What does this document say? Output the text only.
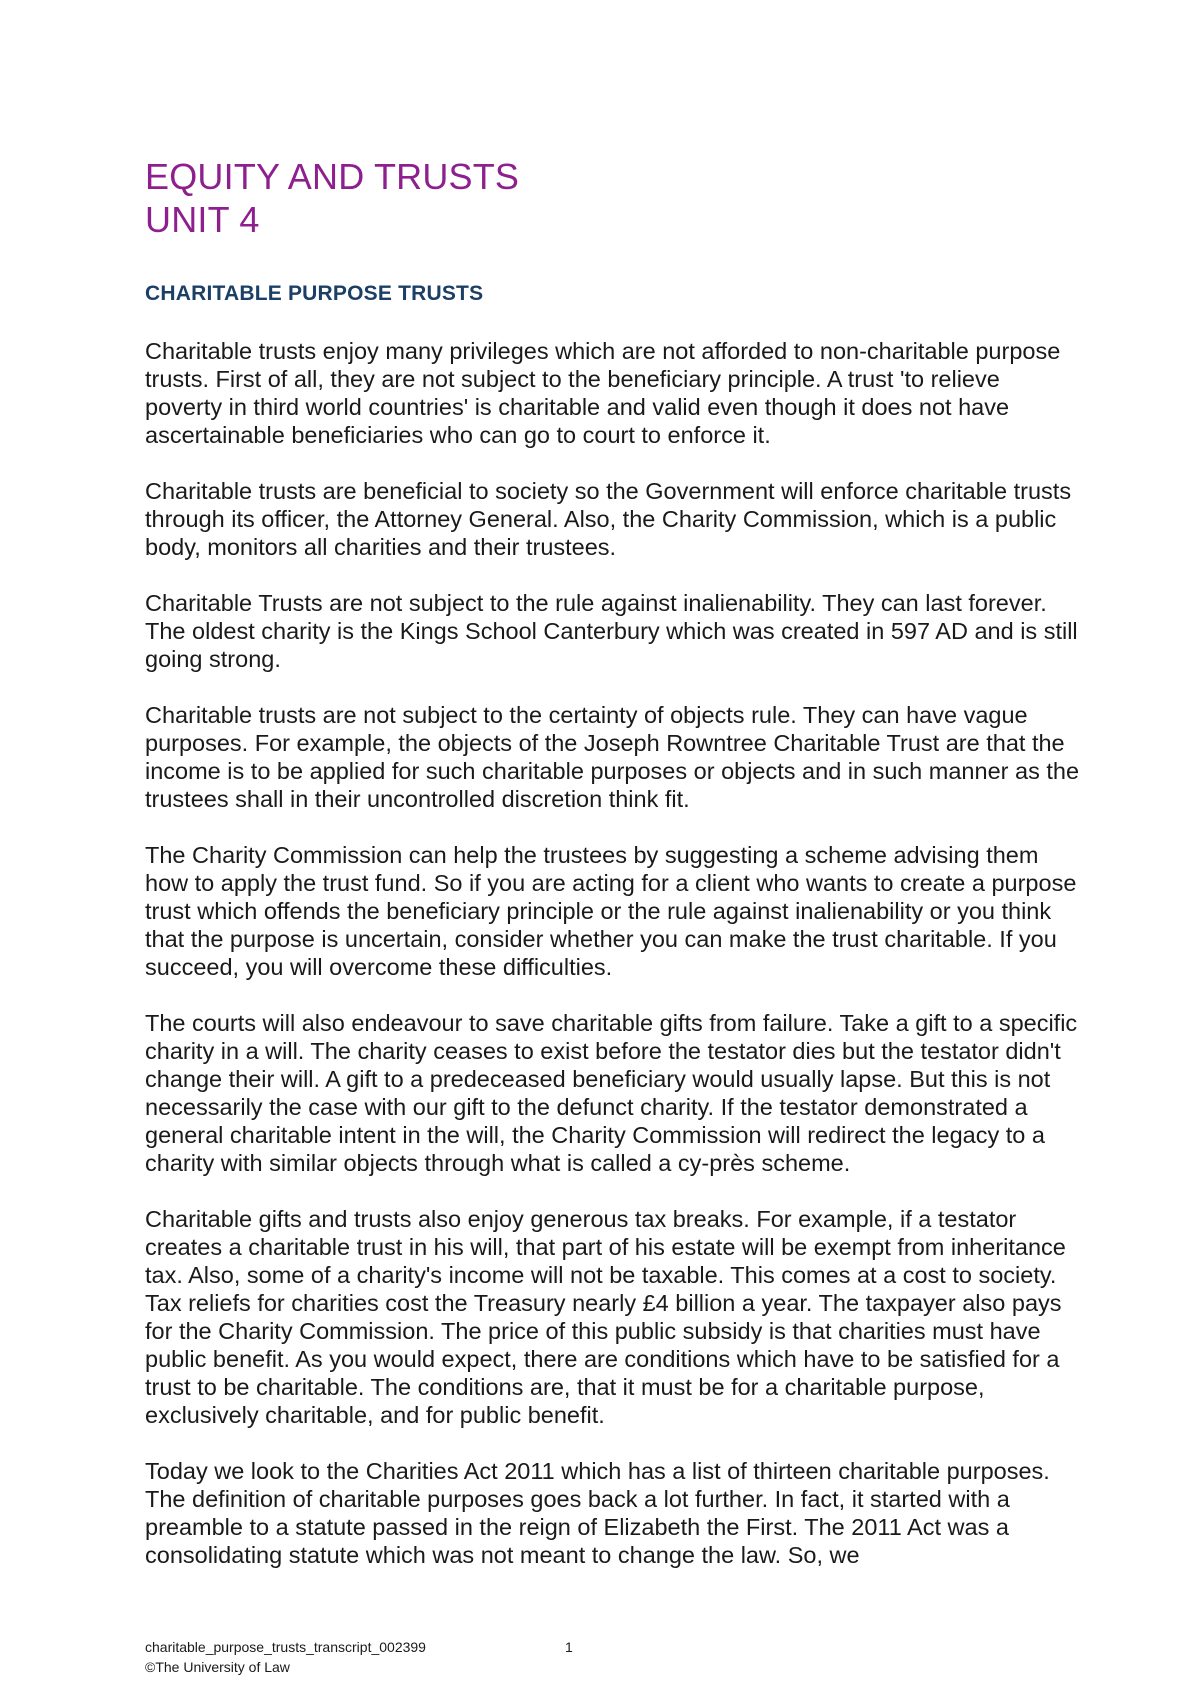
EQUITY AND TRUSTS
UNIT 4
CHARITABLE PURPOSE TRUSTS

Charitable trusts enjoy many privileges which are not afforded to non-charitable purpose trusts. First of all, they are not subject to the beneficiary principle. A trust 'to relieve poverty in third world countries' is charitable and valid even though it does not have ascertainable beneficiaries who can go to court to enforce it.

Charitable trusts are beneficial to society so the Government will enforce charitable trusts through its officer, the Attorney General. Also, the Charity Commission, which is a public body, monitors all charities and their trustees.

Charitable Trusts are not subject to the rule against inalienability. They can last forever. The oldest charity is the Kings School Canterbury which was created in 597 AD and is still going strong.

Charitable trusts are not subject to the certainty of objects rule. They can have vague purposes. For example, the objects of the Joseph Rowntree Charitable Trust are that the income is to be applied for such charitable purposes or objects and in such manner as the trustees shall in their uncontrolled discretion think fit.

The Charity Commission can help the trustees by suggesting a scheme advising them how to apply the trust fund. So if you are acting for a client who wants to create a purpose trust which offends the beneficiary principle or the rule against inalienability or you think that the purpose is uncertain, consider whether you can make the trust charitable. If you succeed, you will overcome these difficulties.

The courts will also endeavour to save charitable gifts from failure. Take a gift to a specific charity in a will. The charity ceases to exist before the testator dies but the testator didn't change their will. A gift to a predeceased beneficiary would usually lapse. But this is not necessarily the case with our gift to the defunct charity. If the testator demonstrated a general charitable intent in the will, the Charity Commission will redirect the legacy to a charity with similar objects through what is called a cy-près scheme.

Charitable gifts and trusts also enjoy generous tax breaks. For example, if a testator creates a charitable trust in his will, that part of his estate will be exempt from inheritance tax. Also, some of a charity's income will not be taxable. This comes at a cost to society. Tax reliefs for charities cost the Treasury nearly £4 billion a year. The taxpayer also pays for the Charity Commission. The price of this public subsidy is that charities must have public benefit. As you would expect, there are conditions which have to be satisfied for a trust to be charitable. The conditions are, that it must be for a charitable purpose, exclusively charitable, and for public benefit.

Today we look to the Charities Act 2011 which has a list of thirteen charitable purposes. The definition of charitable purposes goes back a lot further. In fact, it started with a preamble to a statute passed in the reign of Elizabeth the First. The 2011 Act was a consolidating statute which was not meant to change the law. So, we

charitable_purpose_trusts_transcript_002399	1
©The University of Law
